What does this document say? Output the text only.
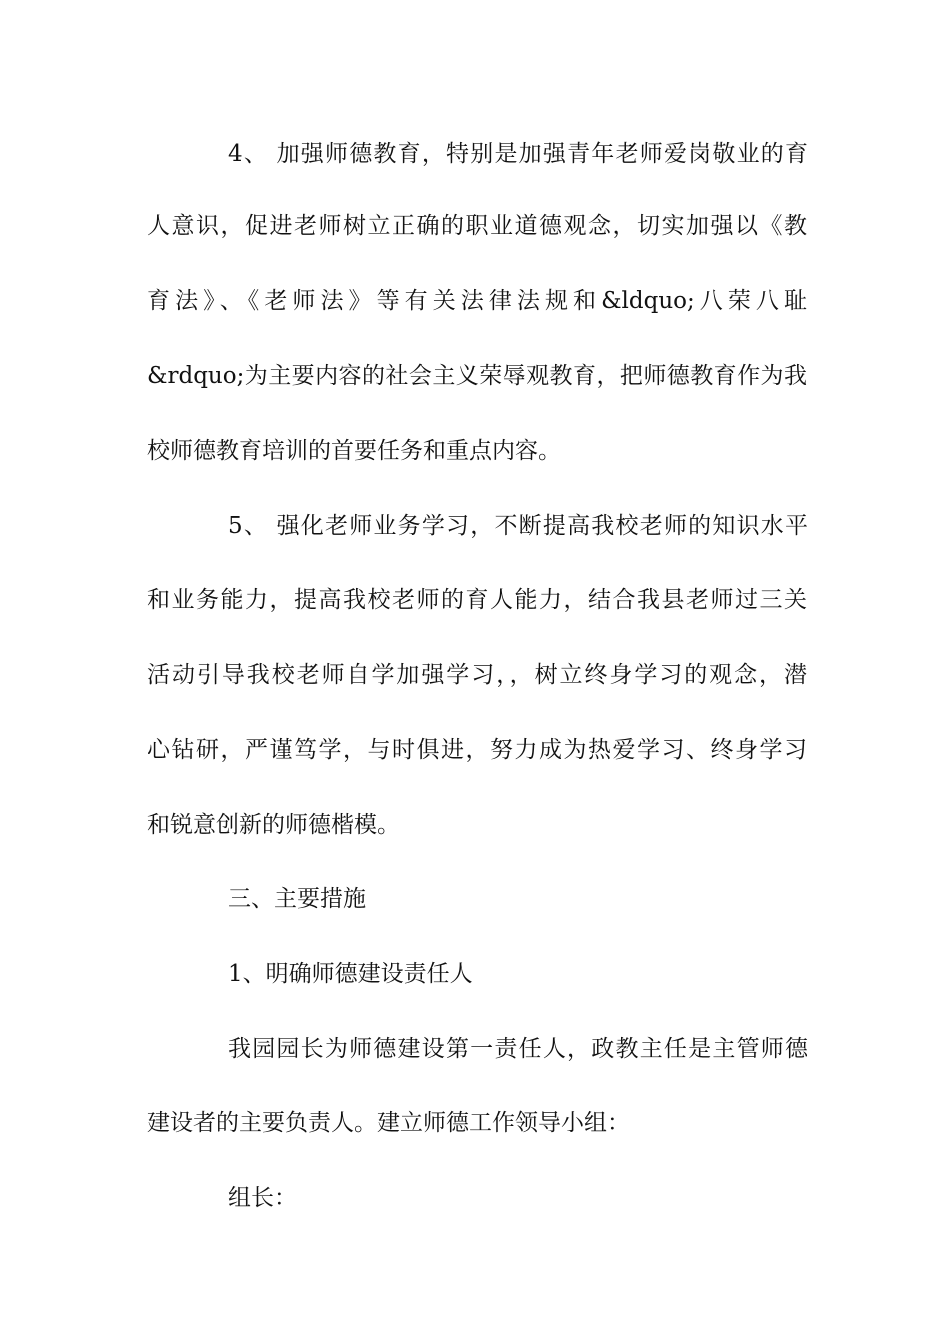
4、 加强师德教育，特别是加强青年老师爱岗敬业的育
人意识，促进老师树立正确的职业道德观念，切实加强以《教
育法》、《老师法》等有关法律法规和&ldquo;八荣八耻
&rdquo;为主要内容的社会主义荣辱观教育，把师德教育作为我
校师德教育培训的首要任务和重点内容。
5、 强化老师业务学习，不断提高我校老师的知识水平
和业务能力，提高我校老师的育人能力，结合我县老师过三关
活动引导我校老师自学加强学习，，树立终身学习的观念，潜
心钻研，严谨笃学，与时俱进，努力成为热爱学习、终身学习
和锐意创新的师德楷模。
三、主要措施
1、明确师德建设责任人
我园园长为师德建设第一责任人，政教主任是主管师德
建设者的主要负责人。建立师德工作领导小组：
组长：
